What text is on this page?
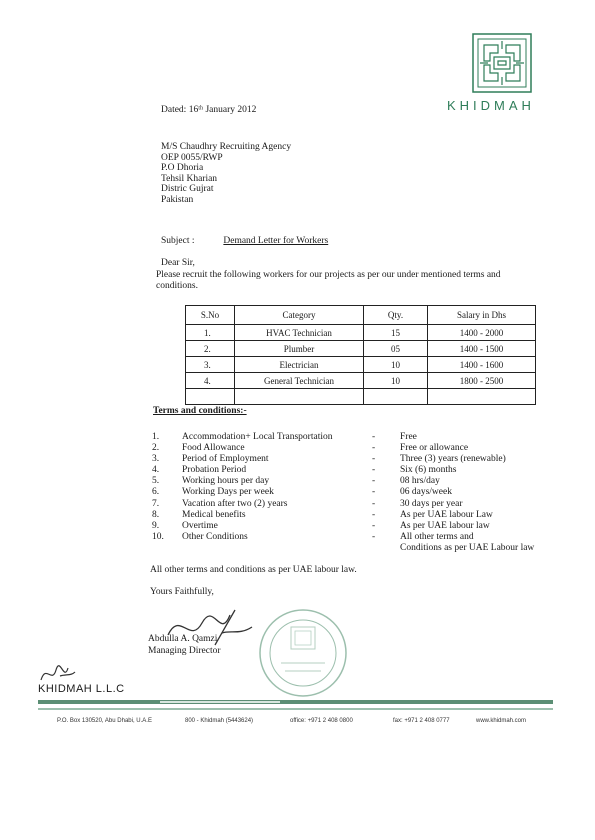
KHIDMAH
Dated: 16ᵗʰ January 2012
M/S Chaudhry Recruiting Agency
OEP 0055/RWP
P.O Dhoria
Tehsil Kharian
Distric Gujrat
Pakistan
Subject :	Demand Letter for Workers
Dear Sir,
Please recruit the following workers for our projects as per our under mentioned terms and conditions.
S.No	Category	Qty.	Salary in Dhs
1.	HVAC Technician	15	1400 - 2000
2.	Plumber	05	1400 - 1500
3.	Electrician	10	1400 - 1600
4.	General Technician	10	1800 - 2500

Terms and conditions:-
1. Accommodation+ Local Transportation	-	Free
2. Food Allowance	-	Free or allowance
3. Period of Employment	-	Three (3) years (renewable)
4. Probation Period	-	Six (6) months
5. Working hours per day	-	08 hrs/day
6. Working Days per week	-	06 days/week
7. Vacation after two (2) years	-	30 days per year
8. Medical benefits	-	As per UAE labour Law
9. Overtime	-	As per UAE labour law
10. Other Conditions	-	All other terms and
Conditions as per UAE Labour law
All other terms and conditions as per UAE labour law.
Yours Faithfully,
Abdulla A. Qamzi
Managing Director
KHIDMAH L.L.C
P.O. Box 130520, Abu Dhabi, U.A.E	800 - Khidmah (5443624)	office: +971 2 408 0800	fax: +971 2 408 0777	www.khidmah.com
